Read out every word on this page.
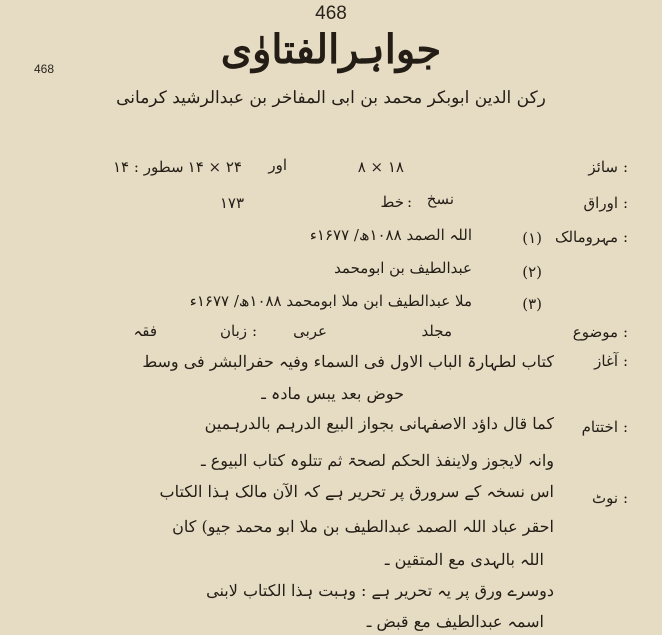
468
468	جواہرالفتاوٰی
رکن الدین ابوبکر محمد بن ابی المفاخر بن عبدالرشید کرمانی
سائز :
۲۴ × ۱۴ اور	۱۸ × ۸
سطور : ۱۴
اوراق :
۱۷۳	خط : نسخ
مہرومالک :
(۱)
اللہ الصمد ۱۰۸۸ھ/ ۱۶۷۷ء
(۲)
عبدالطیف بن ابومحمد
(۳)
ملا عبدالطیف ابن ملا ابومحمد ۱۰۸۸ھ/ ۱۶۷۷ء
موضوع :
فقہ	زبان : عربی	مجلد
آغاز :
کتاب لطہارۃ الباب الاول فی السماء وفیہ حفرالبشر فی وسط
حوض بعد یبس مادہ ـ
اختتام :
کما قال داؤد الاصفہانی بجواز البیع الدرہم بالدرہمین
وانہ لایجوز ولاینفذ الحکم لصحۃ ثم تتلوہ کتاب البیوع ـ
نوٹ :
اس نسخہ کے سرورق پر تحریر ہے کہ الآن مالک ہذا الکتاب
احقر عباد اللہ الصمد عبدالطیف بن ملا ابو محمد جیو) کان
اللہ بالہدی مع المتقین ـ
دوسرے ورق پر یہ تحریر ہے : وہبت ہذا الکتاب لابنی
اسمہ عبدالطیف مع قبض ـ
